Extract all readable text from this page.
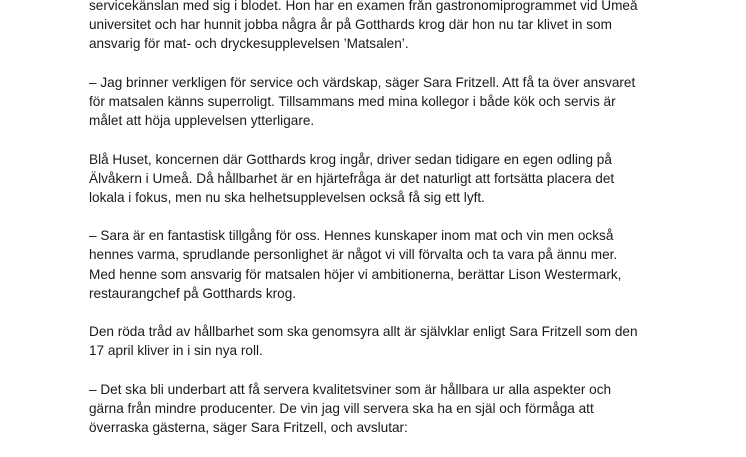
servicekänslan med sig i blodet. Hon har en examen från gastronomiprogrammet vid Umeå
universitet och har hunnit jobba några år på Gotthards krog där hon nu tar klivet in som
ansvarig för mat- och dryckesupplevelsen ’Matsalen’.

– Jag brinner verkligen för service och värdskap, säger Sara Fritzell. Att få ta över ansvaret
för matsalen känns superroligt. Tillsammans med mina kollegor i både kök och servis är
målet att höja upplevelsen ytterligare.

Blå Huset, koncernen där Gotthards krog ingår, driver sedan tidigare en egen odling på
Älvåkern i Umeå. Då hållbarhet är en hjärtefråga är det naturligt att fortsätta placera det
lokala i fokus, men nu ska helhetsupplevelsen också få sig ett lyft.

– Sara är en fantastisk tillgång för oss. Hennes kunskaper inom mat och vin men också
hennes varma, sprudlande personlighet är något vi vill förvalta och ta vara på ännu mer.
Med henne som ansvarig för matsalen höjer vi ambitionerna, berättar Lison Westermark,
restaurangchef på Gotthards krog.

Den röda tråd av hållbarhet som ska genomsyra allt är självklar enligt Sara Fritzell som den
17 april kliver in i sin nya roll.

– Det ska bli underbart att få servera kvalitetsviner som är hållbara ur alla aspekter och
gärna från mindre producenter. De vin jag vill servera ska ha en själ och förmåga att
överraska gästerna, säger Sara Fritzell, och avslutar:
